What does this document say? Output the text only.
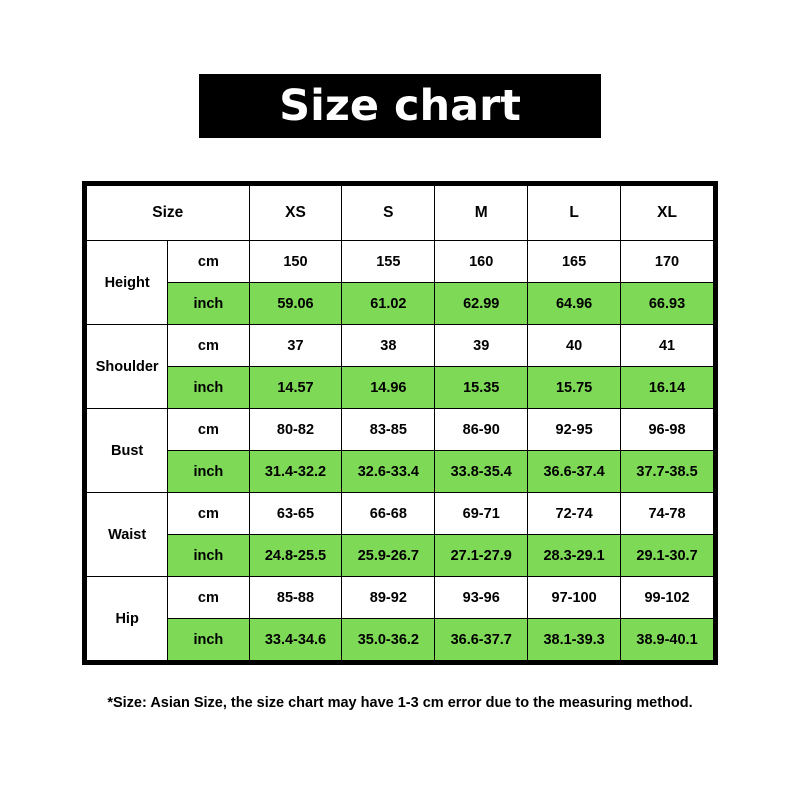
Size chart
Size		XS	S	M	L	XL
Height	cm	150	155	160	165	170
	inch	59.06	61.02	62.99	64.96	66.93
Shoulder	cm	37	38	39	40	41
	inch	14.57	14.96	15.35	15.75	16.14
Bust	cm	80-82	83-85	86-90	92-95	96-98
	inch	31.4-32.2	32.6-33.4	33.8-35.4	36.6-37.4	37.7-38.5
Waist	cm	63-65	66-68	69-71	72-74	74-78
	inch	24.8-25.5	25.9-26.7	27.1-27.9	28.3-29.1	29.1-30.7
Hip	cm	85-88	89-92	93-96	97-100	99-102
	inch	33.4-34.6	35.0-36.2	36.6-37.7	38.1-39.3	38.9-40.1
*Size: Asian Size, the size chart may have 1-3 cm error due to the measuring method.
